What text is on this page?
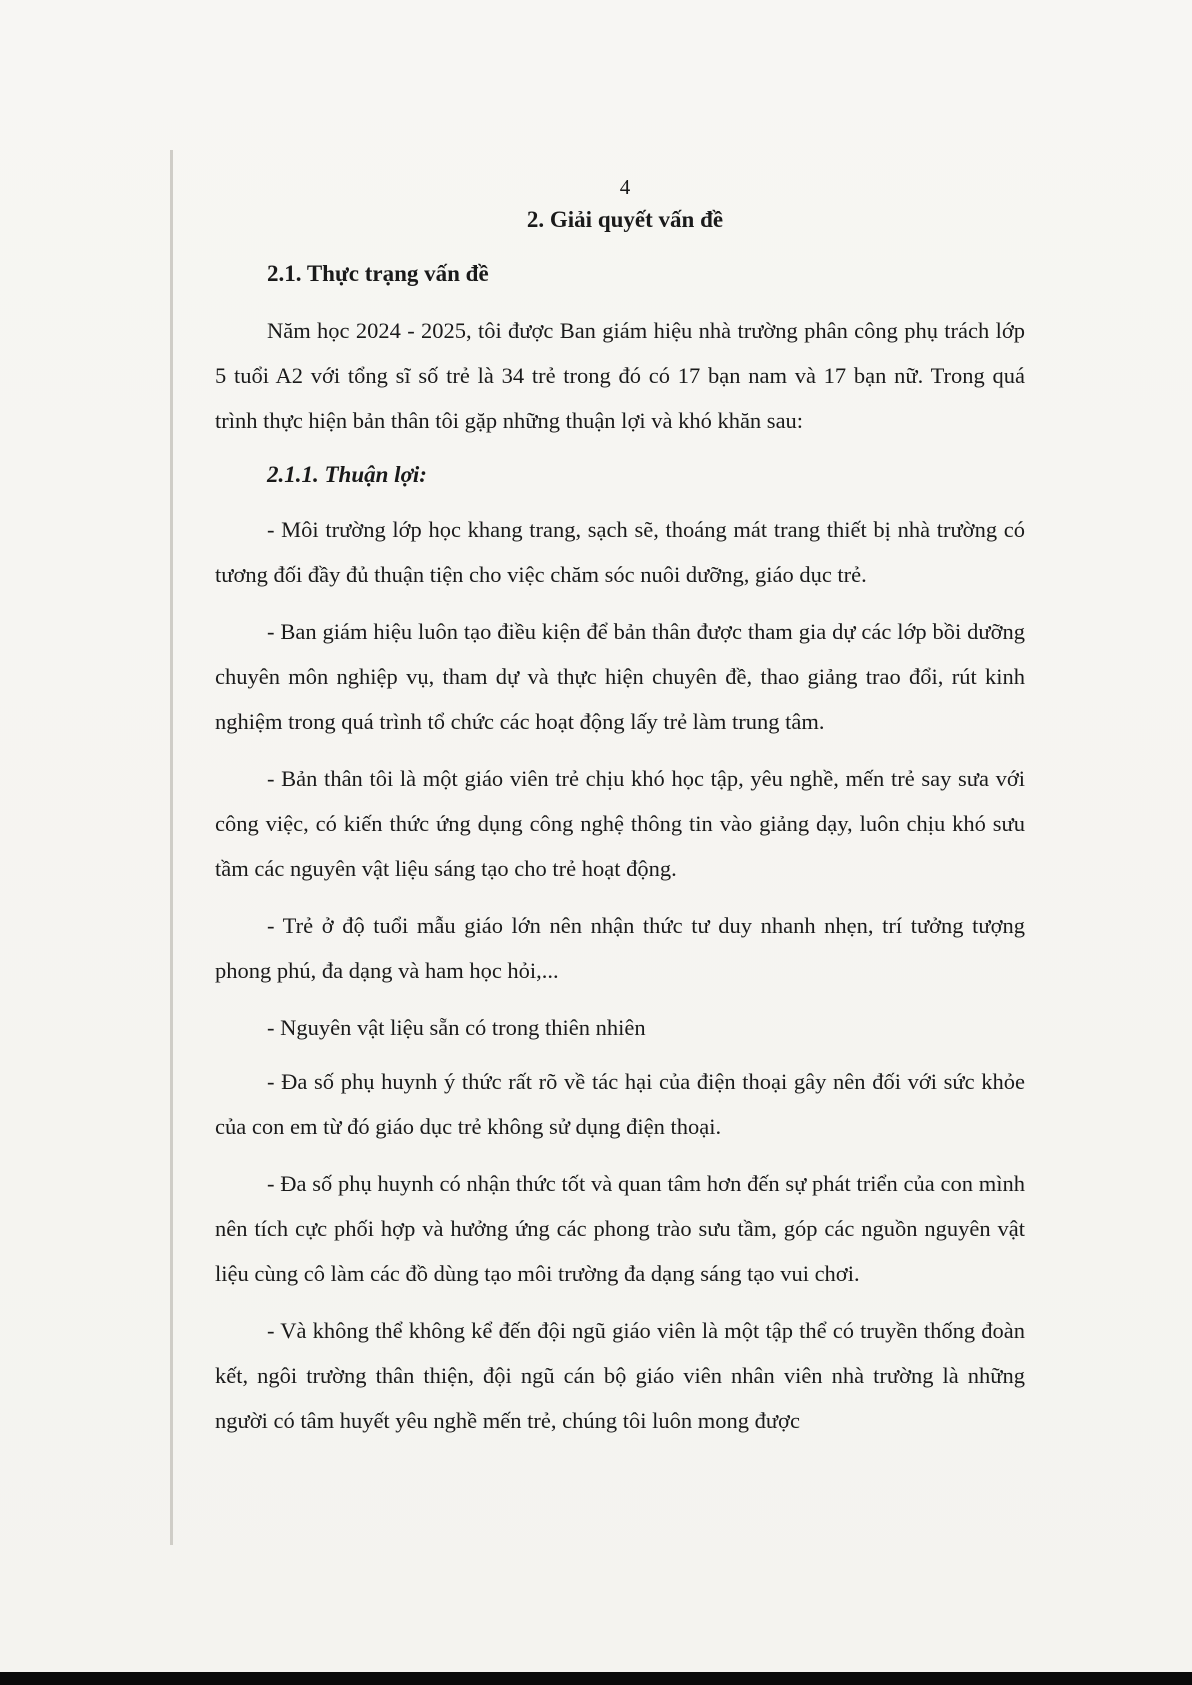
4
2. Giải quyết vấn đề
2.1. Thực trạng vấn đề

Năm học 2024 - 2025, tôi được Ban giám hiệu nhà trường phân công phụ trách lớp 5 tuổi A2 với tổng sĩ số trẻ là 34 trẻ trong đó có 17 bạn nam và 17 bạn nữ. Trong quá trình thực hiện bản thân tôi gặp những thuận lợi và khó khăn sau:

2.1.1. Thuận lợi:

- Môi trường lớp học khang trang, sạch sẽ, thoáng mát trang thiết bị nhà trường có tương đối đầy đủ thuận tiện cho việc chăm sóc nuôi dưỡng, giáo dục trẻ.

- Ban giám hiệu luôn tạo điều kiện để bản thân được tham gia dự các lớp bồi dưỡng chuyên môn nghiệp vụ, tham dự và thực hiện chuyên đề, thao giảng trao đổi, rút kinh nghiệm trong quá trình tổ chức các hoạt động lấy trẻ làm trung tâm.

- Bản thân tôi là một giáo viên trẻ chịu khó học tập, yêu nghề, mến trẻ say sưa với công việc, có kiến thức ứng dụng công nghệ thông tin vào giảng dạy, luôn chịu khó sưu tầm các nguyên vật liệu sáng tạo cho trẻ hoạt động.

- Trẻ ở độ tuổi mẫu giáo lớn nên nhận thức tư duy nhanh nhẹn, trí tưởng tượng phong phú, đa dạng và ham học hỏi,...

- Nguyên vật liệu sẵn có trong thiên nhiên

- Đa số phụ huynh ý thức rất rõ về tác hại của điện thoại gây nên đối với sức khỏe của con em từ đó giáo dục trẻ không sử dụng điện thoại.

- Đa số phụ huynh có nhận thức tốt và quan tâm hơn đến sự phát triển của con mình nên tích cực phối hợp và hưởng ứng các phong trào sưu tầm, góp các nguồn nguyên vật liệu cùng cô làm các đồ dùng tạo môi trường đa dạng sáng tạo vui chơi.

- Và không thể không kể đến đội ngũ giáo viên là một tập thể có truyền thống đoàn kết, ngôi trường thân thiện, đội ngũ cán bộ giáo viên nhân viên nhà trường là những người có tâm huyết yêu nghề mến trẻ, chúng tôi luôn mong được
